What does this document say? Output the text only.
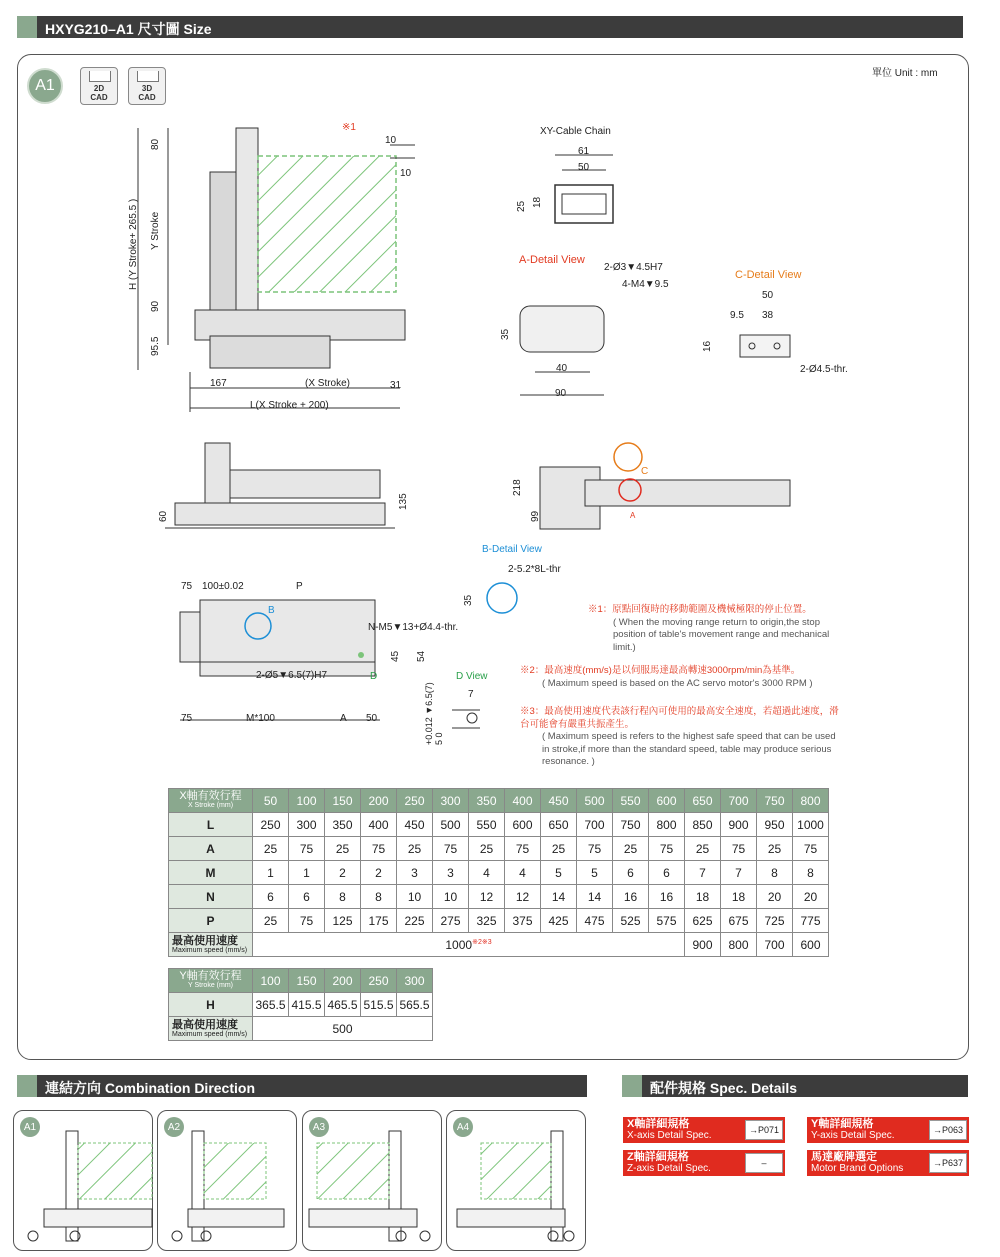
HXYG210–A1 尺寸圖 Size
單位 Unit : mm
A1	2D
CAD
3D
CAD
H (Y Stroke+ 265.5 ) Y Stroke
80
90
95.5
※1
10
10
167	(X Stroke)	31
L(X Stroke + 200)
XY-Cable Chain
61
50
25 18
A-Detail View
2-Ø3▼4.5H7
4-M4▼9.5
35
40
90
C-Detail View
50
9.5 38
16
2-Ø4.5-thr.
135
60
218
99
C
A
B-Detail View
2-5.2*8L-thr
35
75 100±0.02	P
B
N-M5▼13+Ø4.4-thr.
45 54
2-Ø5▼6.5(7)H7	D	D View
7
+0.012 ▼6.5(7) 5 0
75	M*100	A 50
※1：原點回復時的移動範圍及機械極限的停止位置。

( When the moving range return to origin,the stop position of table's movement range and mechanical limit.)
※2：最高速度(mm/s)是以伺服馬達最高轉速3000rpm/min為基準。

( Maximum speed is based on the AC servo motor's 3000 RPM )
※3：最高使用速度代表該行程內可使用的最高安全速度，若超過此速度，滑台可能會有嚴重共振產生。

( Maximum speed is refers to the highest safe speed that can be used in stroke,if more than the standard speed, table may produce serious resonance. )
X軸有效行程
X Stroke (mm)	50	100	150	200	250	300	350	400	450	500	550	600	650	700	750	800
L	250	300	350	400	450	500	550	600	650	700	750	800	850	900	950	1000
A	25	75	25	75	25	75	25	75	25	75	25	75	25	75	25	75
M	1	1	2	2	3	3	4	4	5	5	6	6	7	7	8	8
N	6	6	8	8	10	10	12	12	14	14	16	16	18	18	20	20
P	25	75	125	175	225	275	325	375	425	475	525	575	625	675	725	775

最高使用速度
Maximum speed (mm/s)	$1000^{※2※3}$												900	800	700	600
Y軸有效行程
Y Stroke (mm)	100	150	200	250	300
H	365.5	415.5	465.5	515.5	565.5

最高使用速度
Maximum speed (mm/s)	500				
連結方向 Combination Direction
A1	A2	A3	A4
配件規格 Spec. Details
X軸詳細規格
X-axis Detail Spec.
→P071	Y軸詳細規格
Y-axis Detail Spec.
→P063
Z軸詳細規格
Z-axis Detail Spec.
–	馬達廠牌選定
Motor Brand Options
→P637
